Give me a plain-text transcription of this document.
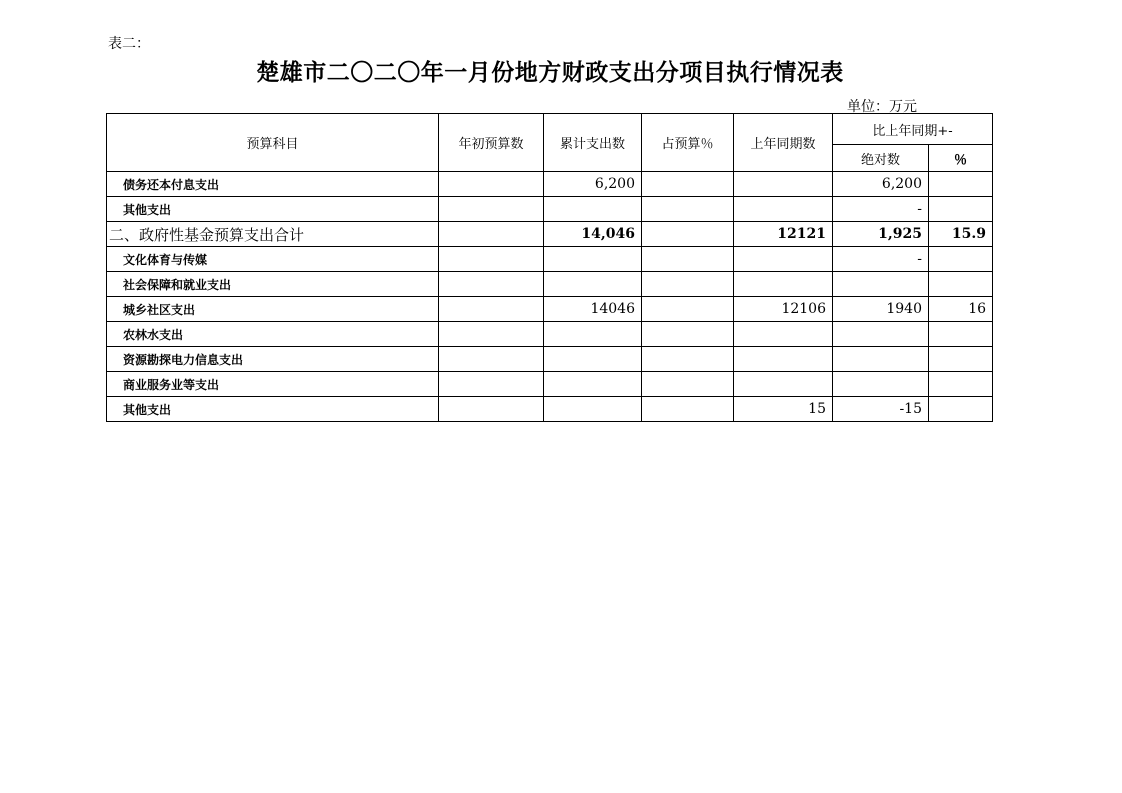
表二：
楚雄市二〇二〇年一月份地方财政支出分项目执行情况表
单位：万元
预算科目	年初预算数	累计支出数	占预算％	上年同期数	比上年同期+-	
					绝对数	％
债务还本付息支出		6,200			6,200	
其他支出					-	
二、政府性基金预算支出合计		14,046		12121	1,925	15.9
文化体育与传媒					-	
社会保障和就业支出						
城乡社区支出		14046		12106	1940	16
农林水支出						
资源勘探电力信息支出						
商业服务业等支出						
其他支出				15	-15	
